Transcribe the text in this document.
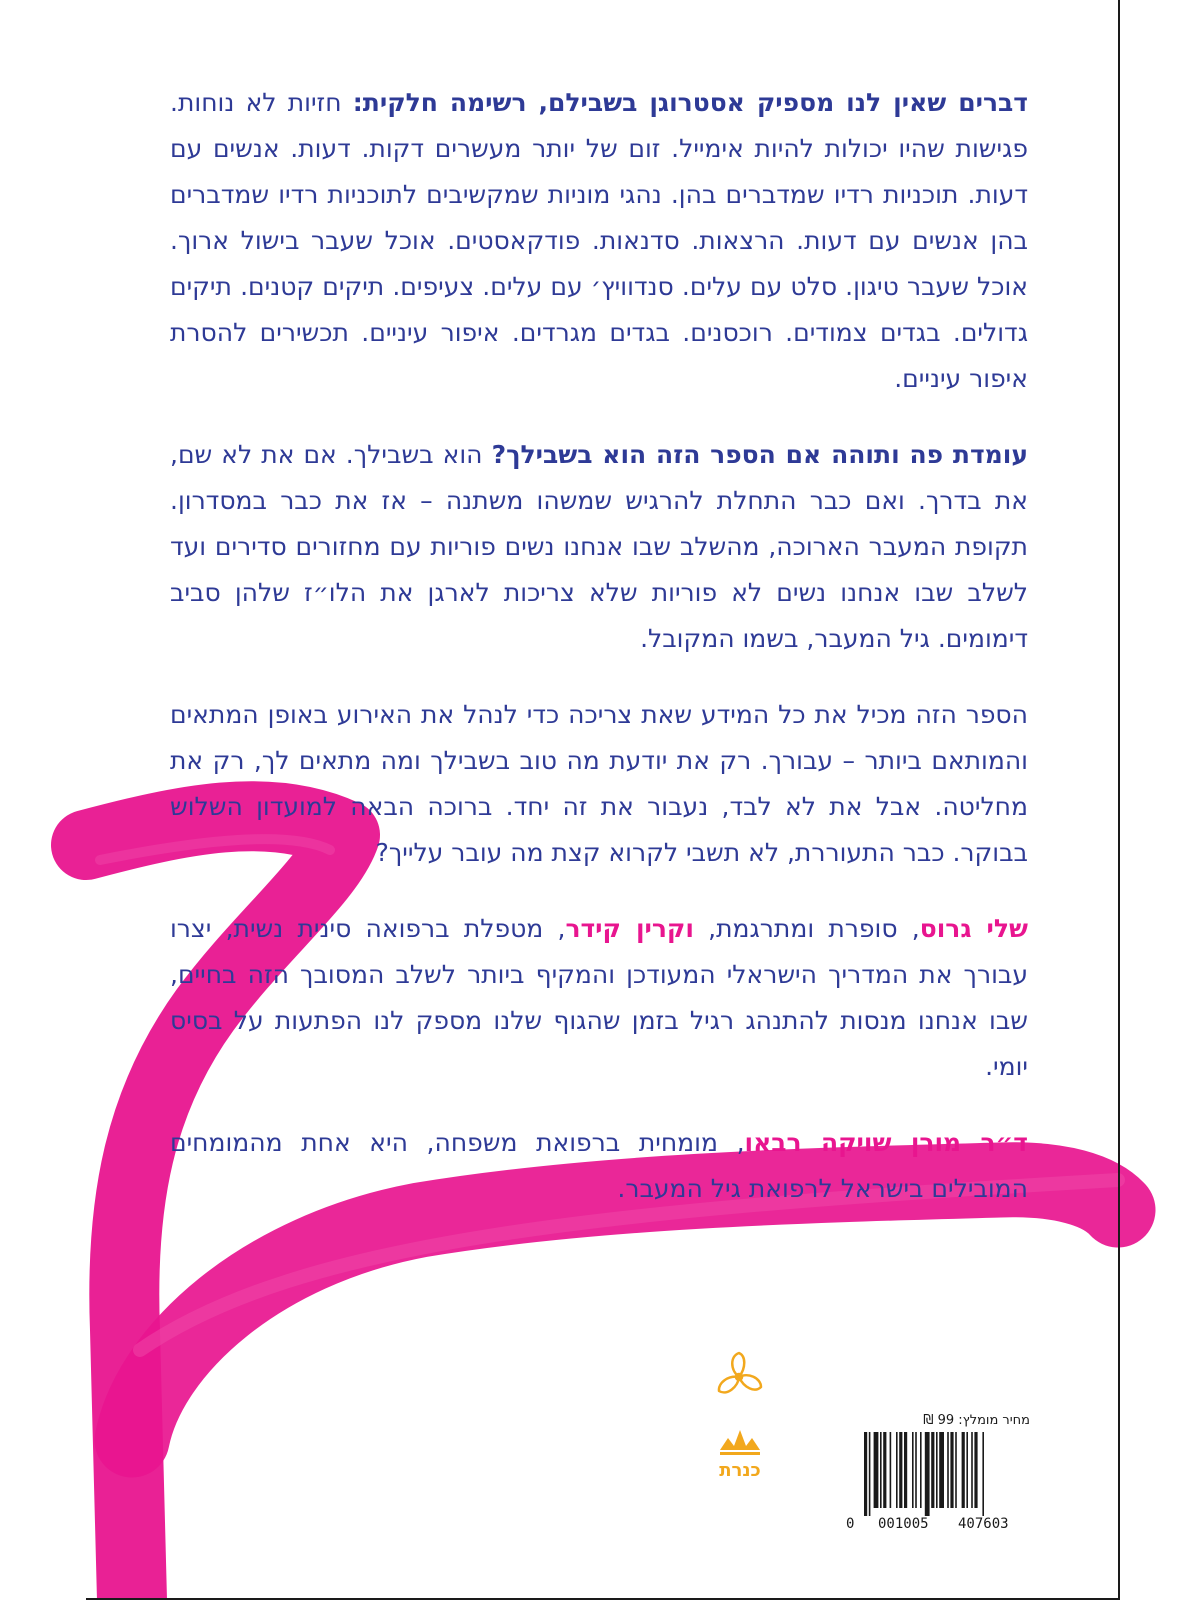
דברים שאין לנו מספיק אסטרוגן בשבילם, רשימה חלקית: חזיות לא נוחות. פגישות שהיו יכולות להיות אימייל. זום של יותר מעשרים דקות. דעות. אנשים עם דעות. תוכניות רדיו שמדברים בהן. נהגי מוניות שמקשיבים לתוכניות רדיו שמדברים בהן אנשים עם דעות. הרצאות. סדנאות. פודקאסטים. אוכל שעבר בישול ארוך. אוכל שעבר טיגון. סלט עם עלים. סנדוויץ׳ עם עלים. צעיפים. תיקים קטנים. תיקים גדולים. בגדים צמודים. רוכסנים. בגדים מגרדים. איפור עיניים. תכשירים להסרת איפור עיניים.

עומדת פה ותוהה אם הספר הזה הוא בשבילך? הוא בשבילך. אם את לא שם, את בדרך. ואם כבר התחלת להרגיש שמשהו משתנה – אז את כבר במסדרון. תקופת המעבר הארוכה, מהשלב שבו אנחנו נשים פוריות עם מחזורים סדירים ועד לשלב שבו אנחנו נשים לא פוריות שלא צריכות לארגן את הלו״ז שלהן סביב דימומים. גיל המעבר, בשמו המקובל.

הספר הזה מכיל את כל המידע שאת צריכה כדי לנהל את האירוע באופן המתאים והמותאם ביותר – עבורך. רק את יודעת מה טוב בשבילך ומה מתאים לך, רק את מחליטה. אבל את לא לבד, נעבור את זה יחד. ברוכה הבאה למועדון השלוש בבוקר. כבר התעוררת, לא תשבי לקרוא קצת מה עובר עלייך?

שלי גרוס, סופרת ומתרגמת, וקרין קידר, מטפלת ברפואה סינית נשית, יצרו עבורך את המדריך הישראלי המעודכן והמקיף ביותר לשלב המסובך הזה בחיים, שבו אנחנו מנסות להתנהג רגיל בזמן שהגוף שלנו מספק לנו הפתעות על בסיס יומי.

ד״ר מורן שויקה רבאו, מומחית ברפואת משפחה, היא אחת מהמומחים המובילים בישראל לרפואת גיל המעבר.

כנרת
מחיר מומלץ: 99 ₪
0 001005 407603
